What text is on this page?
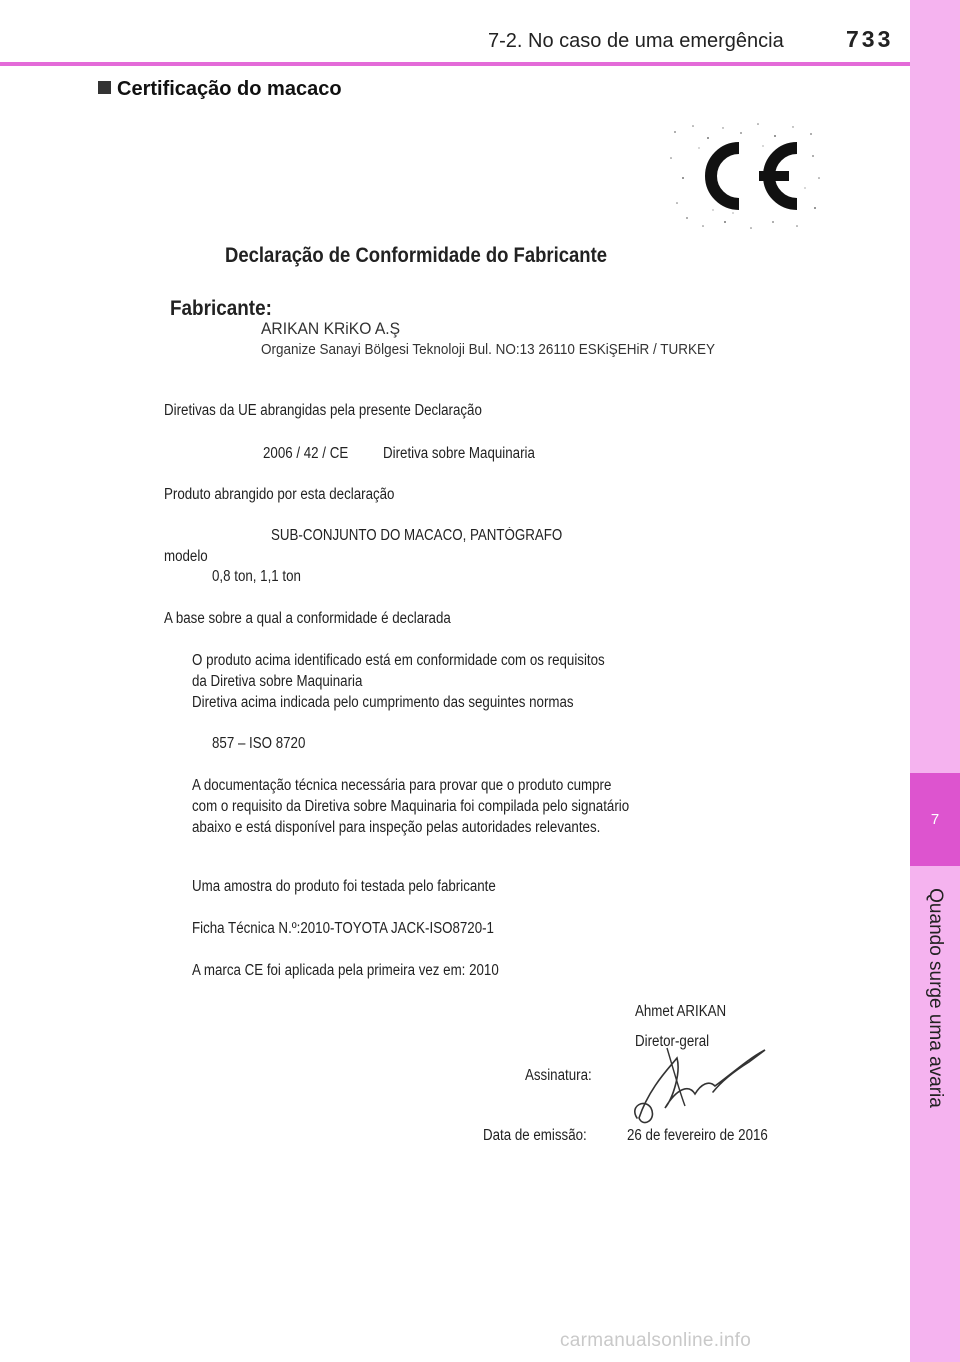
7-2. No caso de uma emergência	733
7
Quando surge uma avaria
Certificação do macaco
Declaração de Conformidade do Fabricante
Fabricante:
ARIKAN KRiKO A.Ş
Organize Sanayi Bölgesi Teknoloji Bul. NO:13 26110 ESKiŞEHiR / TURKEY
Diretivas da UE abrangidas pela presente Declaração
2006 / 42 / CE Diretiva sobre Maquinaria
Produto abrangido por esta declaração
SUB-CONJUNTO DO MACACO, PANTÓGRAFO
modelo
0,8 ton, 1,1 ton
A base sobre a qual a conformidade é declarada
O produto acima identificado está em conformidade com os requisitos
da Diretiva sobre Maquinaria
Diretiva acima indicada pelo cumprimento das seguintes normas
857 – ISO 8720
A documentação técnica necessária para provar que o produto cumpre
com o requisito da Diretiva sobre Maquinaria foi compilada pelo signatário
abaixo e está disponível para inspeção pelas autoridades relevantes.
Uma amostra do produto foi testada pelo fabricante
Ficha Técnica N.º:2010-TOYOTA JACK-ISO8720-1
A marca CE foi aplicada pela primeira vez em: 2010
Ahmet ARIKAN
Diretor-geral
Assinatura:
Data de emissão:	26 de fevereiro de 2016
carmanualsonline.info
